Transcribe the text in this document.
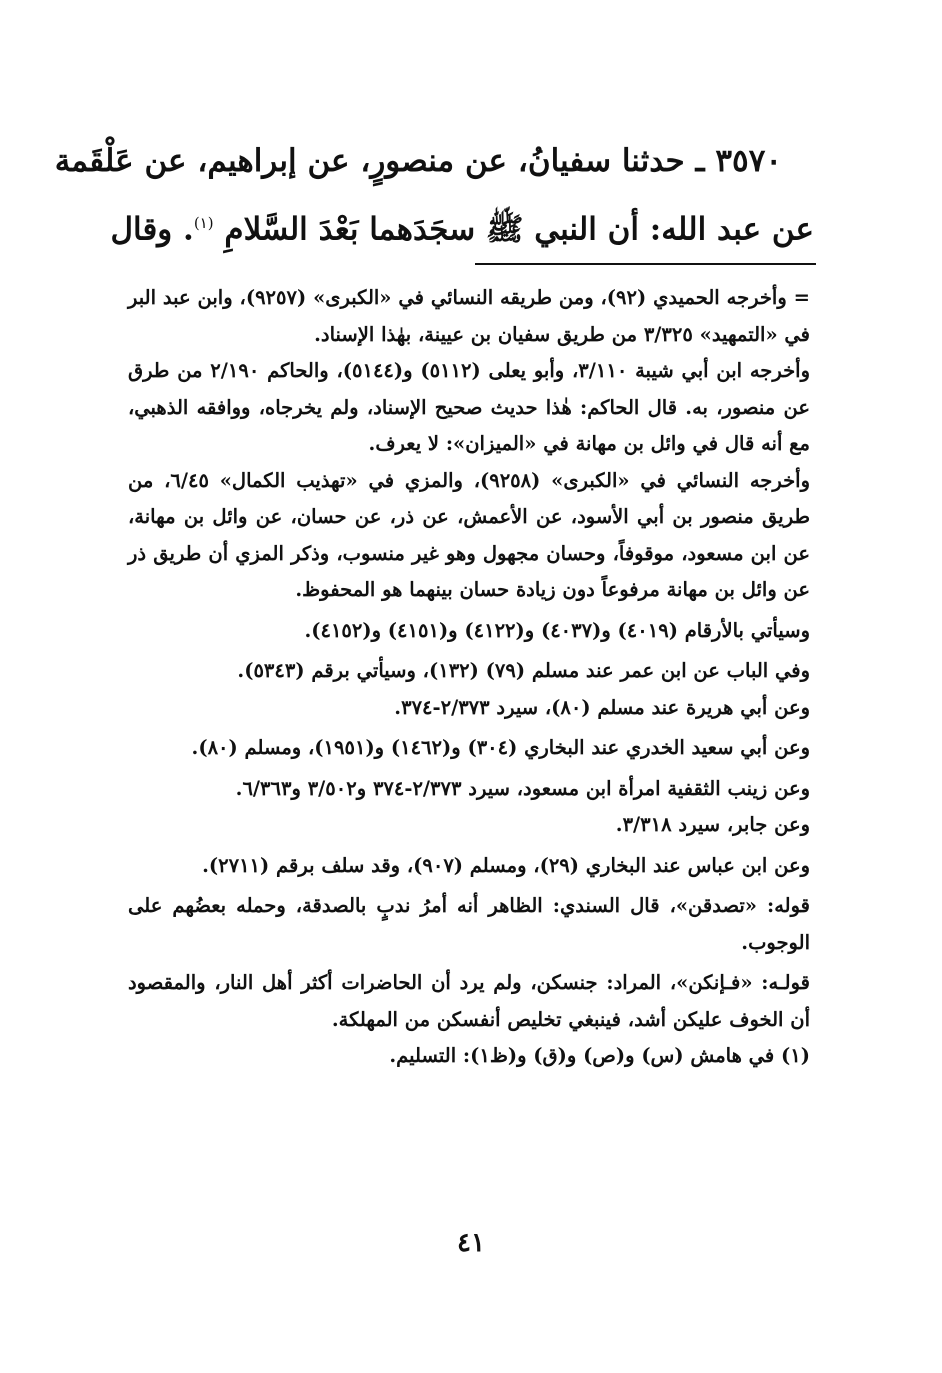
٣٥٧٠ ـ حدثنا سفيانُ، عن منصورٍ، عن إبراهيم، عن عَلْقَمة
عن عبد الله: أن النبي ﷺ سجَدَهما بَعْدَ السَّلامِ $^{(١)}$. وقال

= وأخرجه الحميدي (٩٢)، ومن طريقه النسائي في «الكبرى» (٩٢٥٧)، وابن عبد البر في «التمهيد» ٣/٣٢٥ من طريق سفيان بن عيينة، بهٰذا الإسناد.

وأخرجه ابن أبي شيبة ٣/١١٠، وأبو يعلى (٥١١٢) و(٥١٤٤)، والحاكم ٢/١٩٠ من طرق عن منصور، به. قال الحاكم: هٰذا حديث صحيح الإسناد، ولم يخرجاه، ووافقه الذهبي، مع أنه قال في وائل بن مهانة في «الميزان»: لا يعرف.

وأخرجه النسائي في «الكبرى» (٩٢٥٨)، والمزي في «تهذيب الكمال» ٦/٤٥، من طريق منصور بن أبي الأسود، عن الأعمش، عن ذر، عن حسان، عن وائل بن مهانة، عن ابن مسعود، موقوفاً، وحسان مجهول وهو غير منسوب، وذكر المزي أن طريق ذر عن وائل بن مهانة مرفوعاً دون زيادة حسان بينهما هو المحفوظ.

وسيأتي بالأرقام (٤٠١٩) و(٤٠٣٧) و(٤١٢٢) و(٤١٥١) و(٤١٥٢).

وفي الباب عن ابن عمر عند مسلم (٧٩) (١٣٢)، وسيأتي برقم (٥٣٤٣).

وعن أبي هريرة عند مسلم (٨٠)، سيرد ٢/٣٧٣-٣٧٤.

وعن أبي سعيد الخدري عند البخاري (٣٠٤) و(١٤٦٢) و(١٩٥١)، ومسلم (٨٠).

وعن زينب الثقفية امرأة ابن مسعود، سيرد ٢/٣٧٣-٣٧٤ و٣/٥٠٢ و٦/٣٦٣.

وعن جابر، سيرد ٣/٣١٨.

وعن ابن عباس عند البخاري (٢٩)، ومسلم (٩٠٧)، وقد سلف برقم (٢٧١١).

قوله: «تصدقن»، قال السندي: الظاهر أنه أمرُ ندبٍ بالصدقة، وحمله بعضُهم على الوجوب.

قولـه: «فـإنكن»، المراد: جنسكن، ولم يرد أن الحاضرات أكثر أهل النار، والمقصود أن الخوف عليكن أشد، فينبغي تخليص أنفسكن من المهلكة.

(١) في هامش (س) و(ص) و(ق) و(ظ١): التسليم.

٤١
